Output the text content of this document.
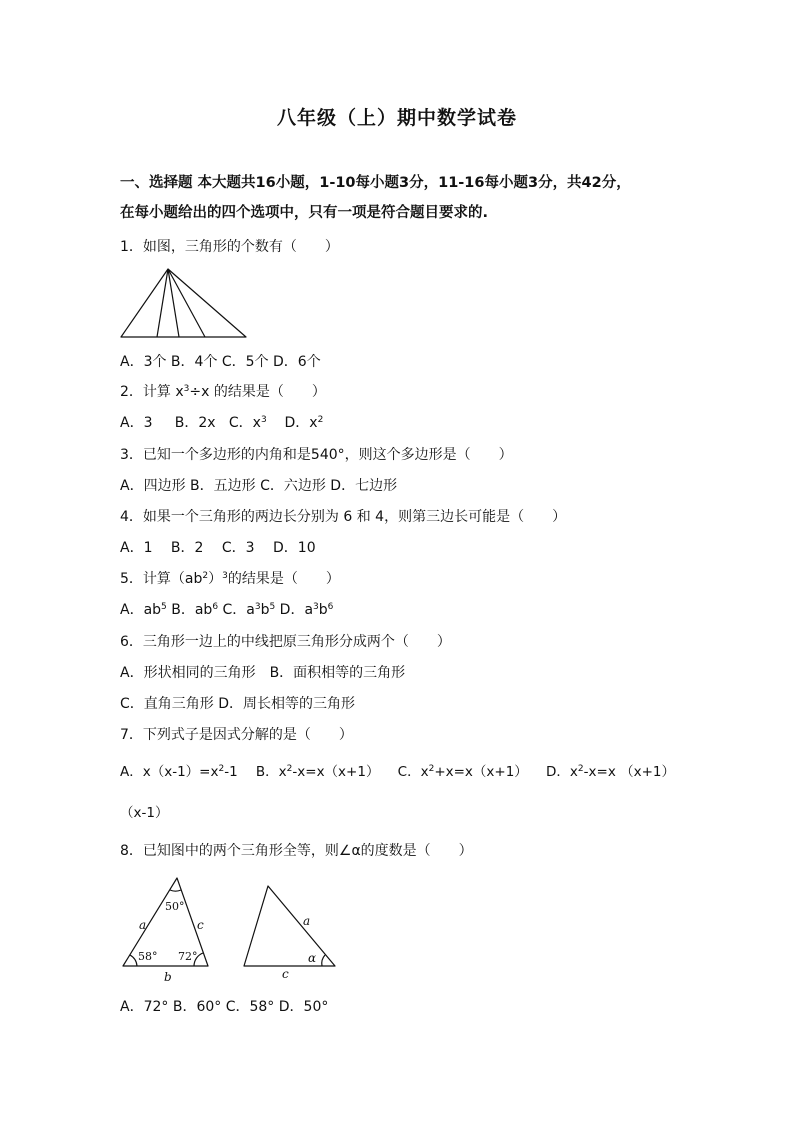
八年级（上）期中数学试卷
一、选择题 本大题共16小题，1-10每小题3分，11-16每小题3分，共42分，
在每小题给出的四个选项中，只有一项是符合题目要求的.
1．如图，三角形的个数有（　　）
A．3个 B．4个 C．5个 D．6个
2．计算 $x^3\div x$ 的结果是（　　）
A．3 B．2x C．$x^3$ D．$x^2$
3．已知一个多边形的内角和是540°，则这个多边形是（　　）
A．四边形 B．五边形 C．六边形 D．七边形
4．如果一个三角形的两边长分别为 6 和 4，则第三边长可能是（　　）
A．1　 B．2　 C．3　 D．10
5．计算$(ab^2)^3$的结果是（　　）
A．$ab^5$ B．$ab^6$ C．$a^3b^5$ D．$a^3b^6$
6．三角形一边上的中线把原三角形分成两个（　　）
A．形状相同的三角形　B．面积相等的三角形
C．直角三角形 D．周长相等的三角形
7．下列式子是因式分解的是（　　）
A．$x(x-1)=x^2-1$ B．$x^2-x=x(x+1)$ C．$x^2+x=x(x+1)$ D．$x^2-x=x$ （x+1）
（x-1）
8．已知图中的两个三角形全等，则∠α的度数是（　　）
a	c
b
50°
58° 72°
a
c
α
A．72° B．60° C．58° D．50°
